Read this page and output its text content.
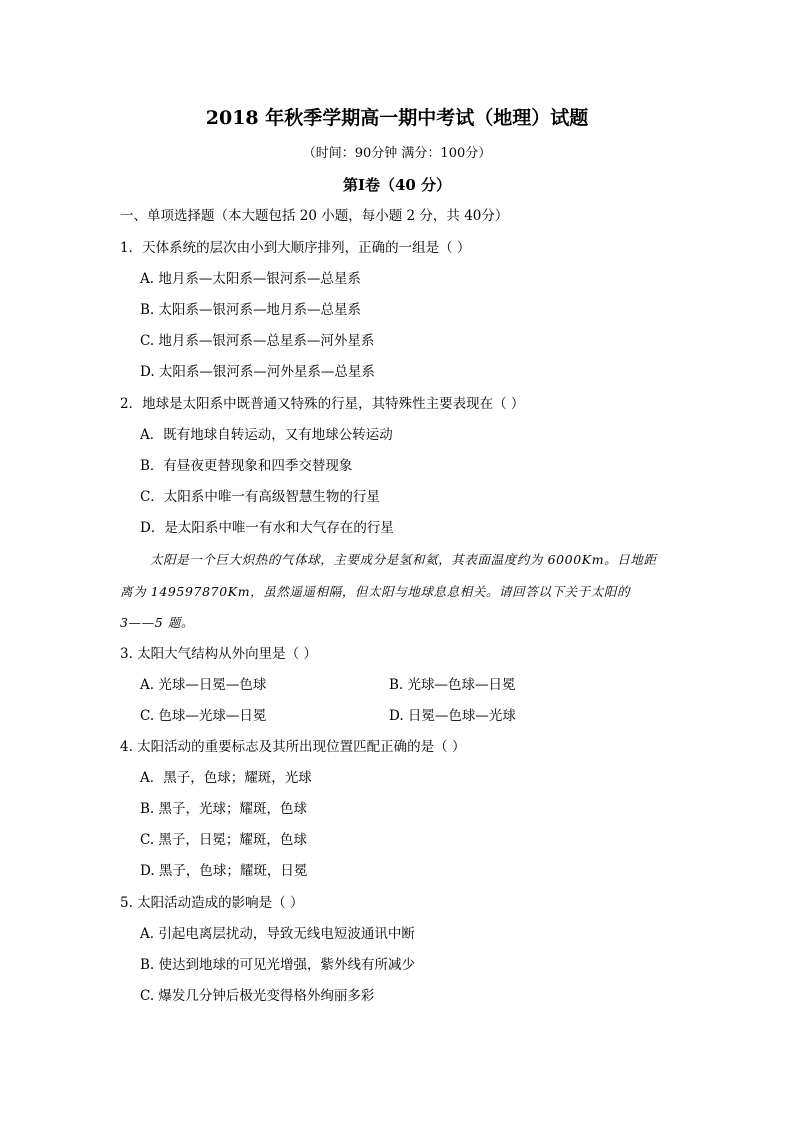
2018 年秋季学期高一期中考试（地理）试题
（时间：90分钟 满分：100分）
第Ⅰ卷（40 分）
一、单项选择题（本大题包括 20 小题，每小题 2 分，共 40分）
1．天体系统的层次由小到大顺序排列，正确的一组是（ ）
A. 地月系—太阳系—银河系—总星系
B. 太阳系—银河系—地月系—总星系
C. 地月系—银河系—总星系—河外星系
D. 太阳系—银河系—河外星系—总星系
2．地球是太阳系中既普通又特殊的行星，其特殊性主要表现在（ ）
A．既有地球自转运动，又有地球公转运动
B．有昼夜更替现象和四季交替现象
C．太阳系中唯一有高级智慧生物的行星
D．是太阳系中唯一有水和大气存在的行星
太阳是一个巨大炽热的气体球，主要成分是氢和氦，其表面温度约为 6000Km。日地距
离为 149597870Km，虽然遥遥相隔，但太阳与地球息息相关。请回答以下关于太阳的
3——5 题。
3. 太阳大气结构从外向里是（ ）
A. 光球—日冕—色球	B. 光球—色球—日冕
C. 色球—光球—日冕	D. 日冕—色球—光球
4. 太阳活动的重要标志及其所出现位置匹配正确的是（ ）
A．黑子，色球；耀斑，光球
B. 黑子，光球；耀斑，色球
C. 黑子，日冕；耀斑，色球
D. 黑子，色球；耀斑，日冕
5. 太阳活动造成的影响是（ ）
A. 引起电离层扰动，导致无线电短波通讯中断
B. 使达到地球的可见光增强，紫外线有所减少
C. 爆发几分钟后极光变得格外绚丽多彩
